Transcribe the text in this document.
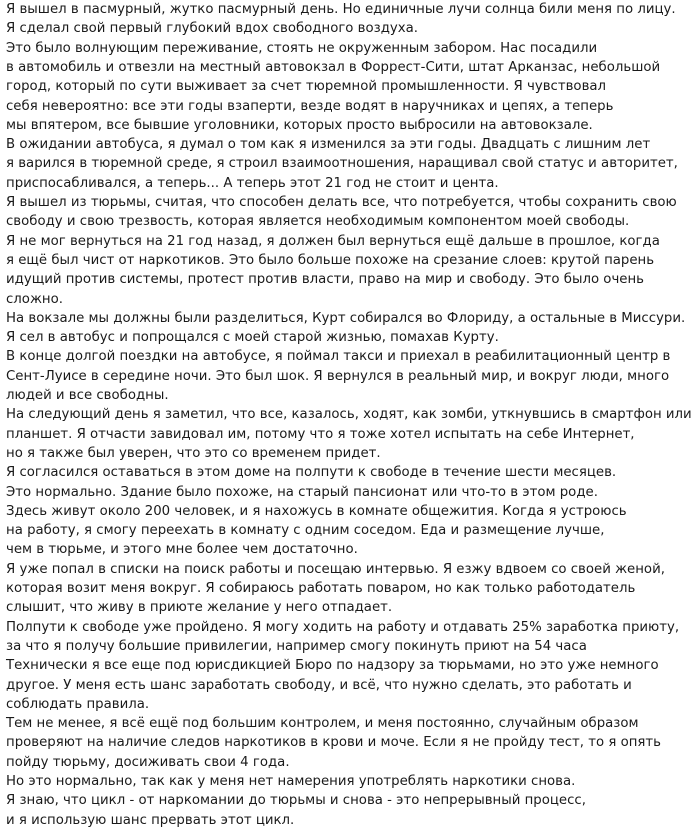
Я вышел в пасмурный, жутко пасмурный день. Но единичные лучи солнца били меня по лицу.

Я сделал свой первый глубокий вдох свободного воздуха.

Это было волнующим переживание, стоять не окруженным забором. Нас посадили

в автомобиль и отвезли на местный автовокзал в Форрест-Сити, штат Арканзас, небольшой

город, который по сути выживает за счет тюремной промышленности. Я чувствовал

себя невероятно: все эти годы взаперти, везде водят в наручниках и цепях, а теперь

мы впятером, все бывшие уголовники, которых просто выбросили на автовокзале.

В ожидании автобуса, я думал о том как я изменился за эти годы. Двадцать с лишним лет

я варился в тюремной среде, я строил взаимоотношения, наращивал свой статус и авторитет,

приспосабливался, а теперь... А теперь этот 21 год не стоит и цента.

Я вышел из тюрьмы, считая, что способен делать все, что потребуется, чтобы сохранить свою

свободу и свою трезвость, которая является необходимым компонентом моей свободы.

Я не мог вернуться на 21 год назад, я должен был вернуться ещё дальше в прошлое, когда

я ещё был чист от наркотиков. Это было больше похоже на срезание слоев: крутой парень

идущий против системы, протест против власти, право на мир и свободу. Это было очень

сложно.

На вокзале мы должны были разделиться, Курт собирался во Флориду, а остальные в Миссури.

Я сел в автобус и попрощался с моей старой жизнью, помахав Курту.

В конце долгой поездки на автобусе, я поймал такси и приехал в реабилитационный центр в

Сент-Луисе в середине ночи. Это был шок. Я вернулся в реальный мир, и вокруг люди, много

людей и все свободны.

На следующий день я заметил, что все, казалось, ходят, как зомби, уткнувшись в смартфон или

планшет. Я отчасти завидовал им, потому что я тоже хотел испытать на себе Интернет,

но я также был уверен, что это со временем придет.

Я согласился оставаться в этом доме на полпути к свободе в течение шести месяцев.

Это нормально. Здание было похоже, на старый пансионат или что-то в этом роде.

Здесь живут около 200 человек, и я нахожусь в комнате общежития. Когда я устроюсь

на работу, я смогу переехать в комнату с одним соседом. Еда и размещение лучше,

чем в тюрьме, и этого мне более чем достаточно.

Я уже попал в списки на поиск работы и посещаю интервью. Я езжу вдвоем со своей женой,

которая возит меня вокруг. Я собираюсь работать поваром, но как только работодатель

слышит, что живу в приюте желание у него отпадает.

Полпути к свободе уже пройдено. Я могу ходить на работу и отдавать 25% заработка приюту,

за что я получу большие привилегии, например смогу покинуть приют на 54 часа

Технически я все еще под юрисдикцией Бюро по надзору за тюрьмами, но это уже немного

другое. У меня есть шанс заработать свободу, и всё, что нужно сделать, это работать и

соблюдать правила.

Тем не менее, я всё ещё под большим контролем, и меня постоянно, случайным образом

проверяют на наличие следов наркотиков в крови и моче. Если я не пройду тест, то я опять

пойду тюрьму, досиживать свои 4 года.

Но это нормально, так как у меня нет намерения употреблять наркотики снова.

Я знаю, что цикл - от наркомании до тюрьмы и снова - это непрерывный процесс,

и я использую шанс прервать этот цикл.
